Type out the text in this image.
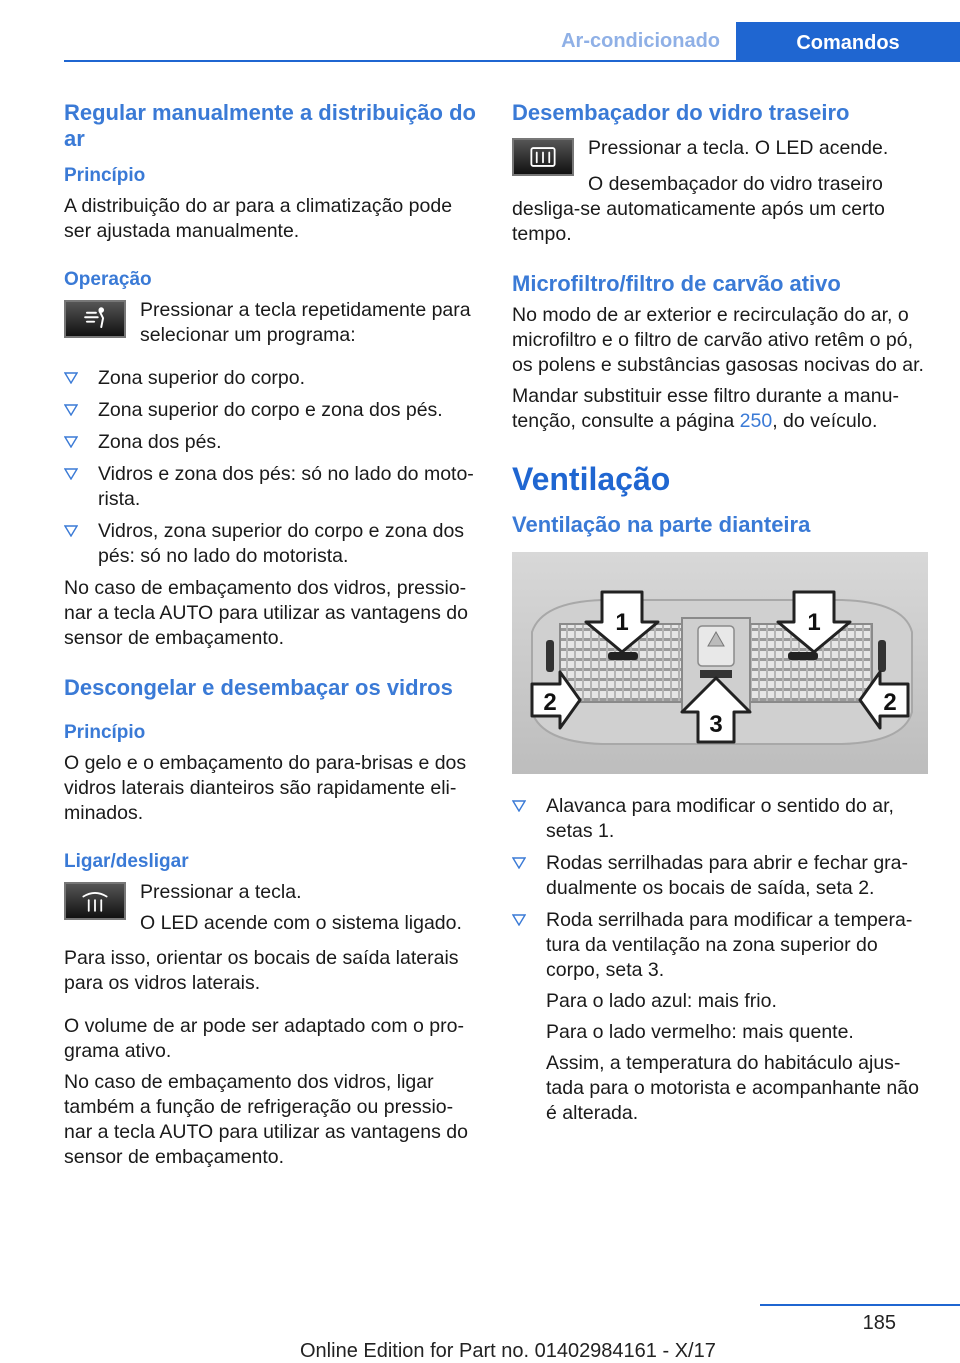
Ar-condicionado	Comandos
Regular manualmente a distribuição do ar
Princípio

A distribuição do ar para a climatização pode ser ajustada manualmente.

Operação

Pressionar a tecla repetidamente para selecionar um programa:

Zona superior do corpo.
Zona superior do corpo e zona dos pés.
Zona dos pés.
Vidros e zona dos pés: só no lado do moto-rista.
Vidros, zona superior do corpo e zona dos pés: só no lado do motorista.

No caso de embaçamento dos vidros, pressio-nar a tecla AUTO para utilizar as vantagens do sensor de embaçamento.

Descongelar e desembaçar os vidros
Princípio

O gelo e o embaçamento do para-brisas e dos vidros laterais dianteiros são rapidamente eli-minados.

Ligar/desligar

Pressionar a tecla.

O LED acende com o sistema ligado.

Para isso, orientar os bocais de saída laterais para os vidros laterais.

O volume de ar pode ser adaptado com o pro-grama ativo.

No caso de embaçamento dos vidros, ligar também a função de refrigeração ou pressio-nar a tecla AUTO para utilizar as vantagens do sensor de embaçamento.

Desembaçador do vidro traseiro

Pressionar a tecla. O LED acende.

O desembaçador do vidro traseiro desliga-se automaticamente após um certo tempo.

Microfiltro/filtro de carvão ativo

No modo de ar exterior e recirculação do ar, o microfiltro e o filtro de carvão ativo retêm o pó, os polens e substâncias gasosas nocivas do ar.

Mandar substituir esse filtro durante a manu-tenção, consulte a página 250, do veículo.

Ventilação
Ventilação na parte dianteira
1	1
2	2
3
Alavanca para modificar o sentido do ar, setas 1.
Rodas serrilhadas para abrir e fechar gra-dualmente os bocais de saída, seta 2.
Roda serrilhada para modificar a tempera-tura da ventilação na zona superior do corpo, seta 3.

Para o lado azul: mais frio.

Para o lado vermelho: mais quente.

Assim, a temperatura do habitáculo ajus-tada para o motorista e acompanhante não é alterada.

185
Online Edition for Part no. 01402984161 - X/17
